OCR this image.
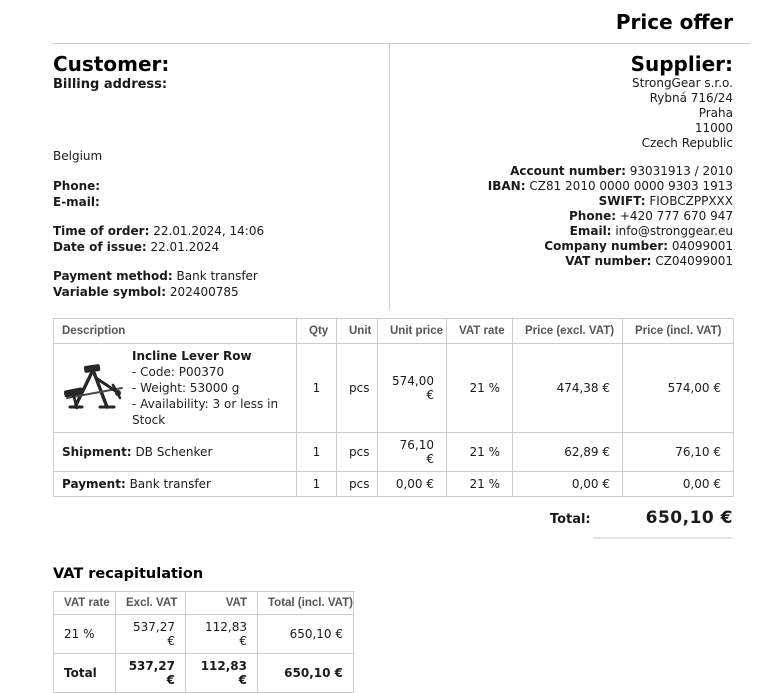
Price offer
Customer:
Billing address:
Belgium
Phone:
E-mail:
Time of order: 22.01.2024, 14:06
Date of issue: 22.01.2024
Payment method: Bank transfer
Variable symbol: 202400785
Supplier:
StrongGear s.r.o.
Rybná 716/24
Praha
11000
Czech Republic
Account number: 93031913 / 2010
IBAN: CZ81 2010 0000 0000 9303 1913
SWIFT: FIOBCZPPXXX
Phone: +420 777 670 947
Email: info@stronggear.eu
Company number: 04099001
VAT number: CZ04099001
Description	Qty	Unit	Unit price	VAT rate	Price (excl. VAT)	Price (incl. VAT)

Incline Lever Row
- Code: P00370
- Weight: 53000 g
- Availability: 3 or less in Stock	1	pcs	574,00 €	21 %	474,38 €	574,00 €
Shipment: DB Schenker	1	pcs	76,10 €	21 %	62,89 €	76,10 €
Payment: Bank transfer	1	pcs	0,00 €	21 %	0,00 €	0,00 €
Total:	650,10 €
VAT recapitulation
VAT rate	Excl. VAT	VAT	Total (incl. VAT)
21 %	537,27 €	112,83 €	650,10 €
Total	537,27 €	112,83 €	650,10 €
